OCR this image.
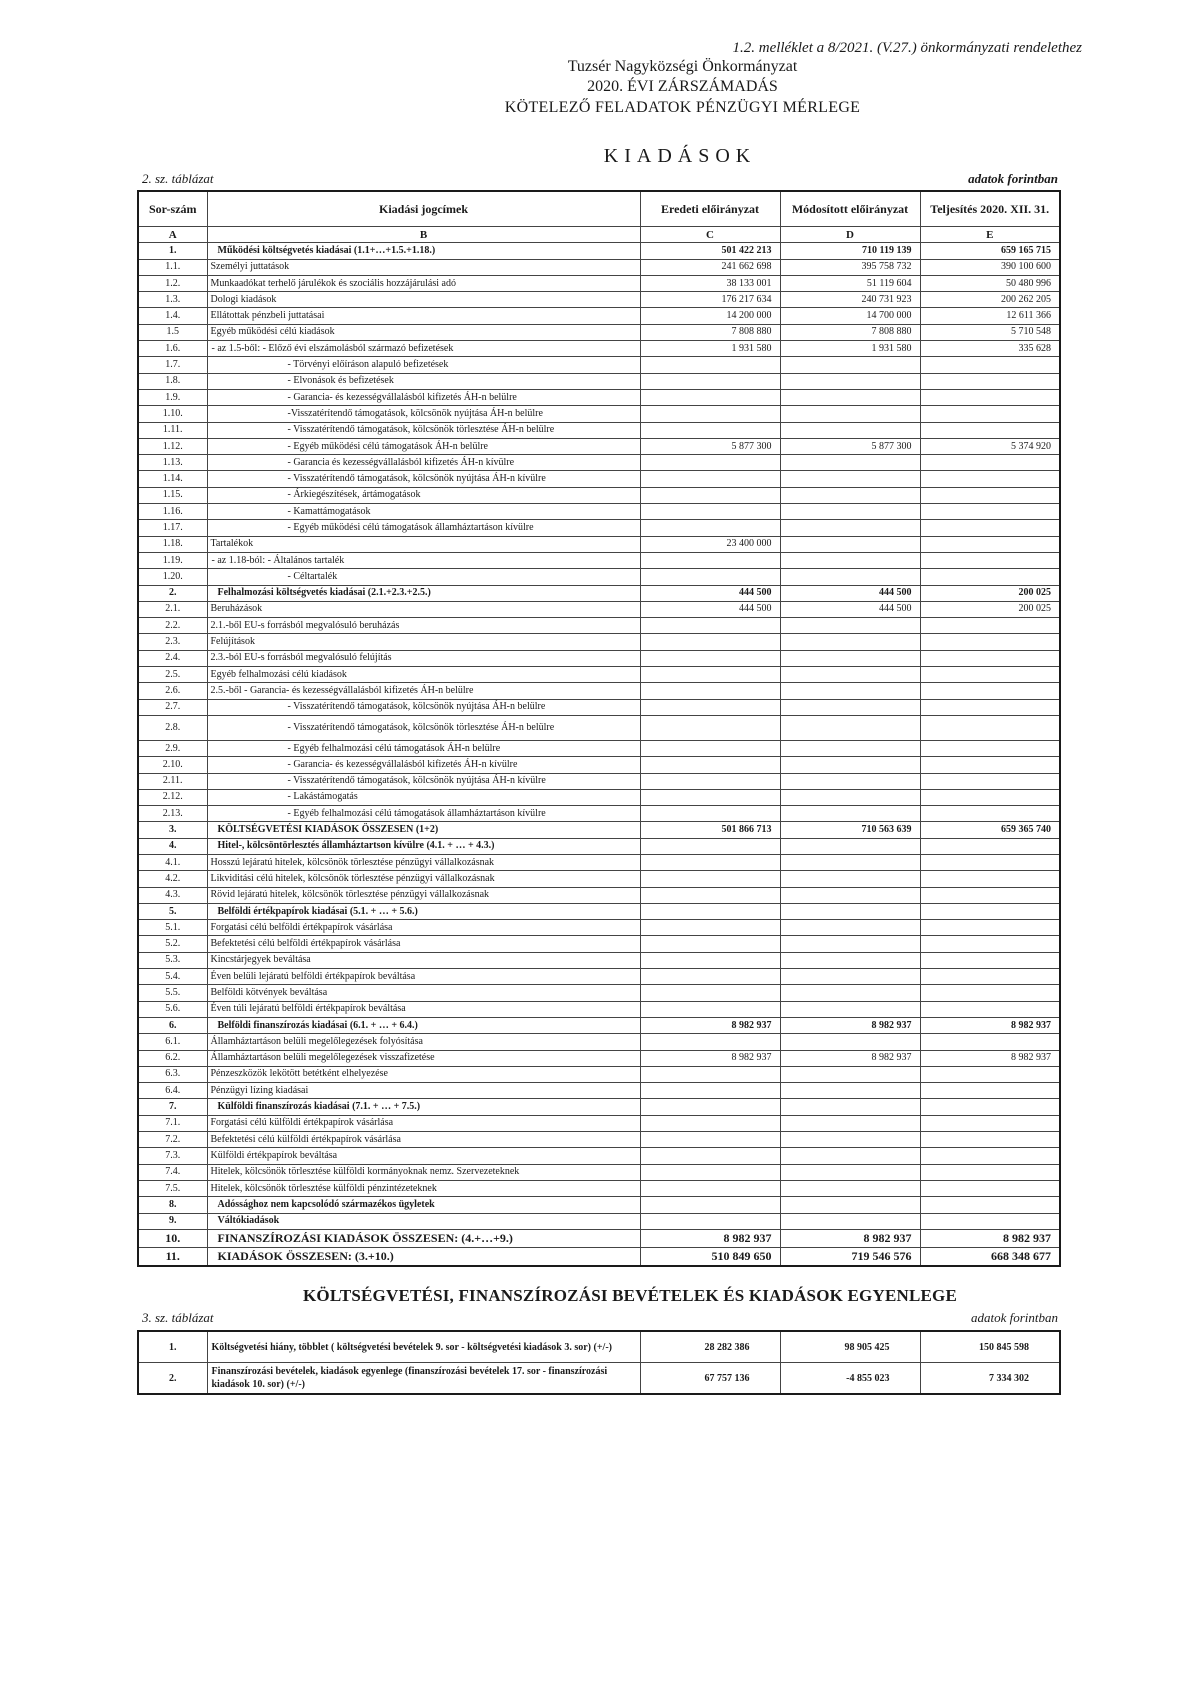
1.2. melléklet a 8/2021. (V.27.) önkormányzati rendelethez
Tuzsér Nagyközségi Önkormányzat
2020. ÉVI ZÁRSZÁMADÁS
KÖTELEZŐ FELADATOK PÉNZÜGYI MÉRLEGE
KIADÁSOK
2. sz. táblázat	adatok forintban
Sor-szám	Kiadási jogcímek	Eredeti előirányzat	Módosított előirányzat	Teljesítés 2020. XII. 31.
A	B	C	D	E
1.	Működési költségvetés kiadásai (1.1+…+1.5.+1.18.)	501 422 213	710 119 139	659 165 715
1.1.	Személyi juttatások	241 662 698	395 758 732	390 100 600
1.2.	Munkaadókat terhelő járulékok és szociális hozzájárulási adó	38 133 001	51 119 604	50 480 996
1.3.	Dologi kiadások	176 217 634	240 731 923	200 262 205
1.4.	Ellátottak pénzbeli juttatásai	14 200 000	14 700 000	12 611 366
1.5	Egyéb működési célú kiadások	7 808 880	7 808 880	5 710 548
1.6.	- az 1.5-ből: - Előző évi elszámolásból származó befizetések	1 931 580	1 931 580	335 628
1.7.	- Törvényi előíráson alapuló befizetések			
1.8.	- Elvonások és befizetések			
1.9.	- Garancia- és kezességvállalásból kifizetés ÁH-n belülre			
1.10.	-Visszatérítendő támogatások, kölcsönök nyújtása ÁH-n belülre			
1.11.	- Visszatérítendő támogatások, kölcsönök törlesztése ÁH-n belülre			
1.12.	- Egyéb működési célú támogatások ÁH-n belülre	5 877 300	5 877 300	5 374 920
1.13.	- Garancia és kezességvállalásból kifizetés ÁH-n kívülre			
1.14.	- Visszatérítendő támogatások, kölcsönök nyújtása ÁH-n kívülre			
1.15.	- Árkiegészítések, ártámogatások			
1.16.	- Kamattámogatások			
1.17.	- Egyéb működési célú támogatások államháztartáson kívülre			
1.18.	Tartalékok	23 400 000		
1.19.	- az 1.18-ból: - Általános tartalék			
1.20.	- Céltartalék			
2.	Felhalmozási költségvetés kiadásai (2.1.+2.3.+2.5.)	444 500	444 500	200 025
2.1.	Beruházások	444 500	444 500	200 025
2.2.	2.1.-ből EU-s forrásból megvalósuló beruházás			
2.3.	Felújítások			
2.4.	2.3.-ból EU-s forrásból megvalósuló felújítás			
2.5.	Egyéb felhalmozási célú kiadások			
2.6.	2.5.-ből - Garancia- és kezességvállalásból kifizetés ÁH-n belülre			
2.7.	- Visszatérítendő támogatások, kölcsönök nyújtása ÁH-n belülre			
2.8.	- Visszatérítendő támogatások, kölcsönök törlesztése ÁH-n belülre			
2.9.	- Egyéb felhalmozási célú támogatások ÁH-n belülre			
2.10.	- Garancia- és kezességvállalásból kifizetés ÁH-n kívülre			
2.11.	- Visszatérítendő támogatások, kölcsönök nyújtása ÁH-n kívülre			
2.12.	- Lakástámogatás			
2.13.	- Egyéb felhalmozási célú támogatások államháztartáson kívülre			
3.	KÖLTSÉGVETÉSI KIADÁSOK ÖSSZESEN (1+2)	501 866 713	710 563 639	659 365 740
4.	Hitel-, kölcsöntörlesztés államháztartson kívülre (4.1. + … + 4.3.)			
4.1.	Hosszú lejáratú hitelek, kölcsönök törlesztése pénzügyi vállalkozásnak			
4.2.	Likviditási célú hitelek, kölcsönök törlesztése pénzügyi vállalkozásnak			
4.3.	Rövid lejáratú hitelek, kölcsönök törlesztése pénzügyi vállalkozásnak			
5.	Belföldi értékpapírok kiadásai (5.1. + … + 5.6.)			
5.1.	Forgatási célú belföldi értékpapírok vásárlása			
5.2.	Befektetési célú belföldi értékpapírok vásárlása			
5.3.	Kincstárjegyek beváltása			
5.4.	Éven belüli lejáratú belföldi értékpapírok beváltása			
5.5.	Belföldi kötvények beváltása			
5.6.	Éven túli lejáratú belföldi értékpapírok beváltása			
6.	Belföldi finanszírozás kiadásai (6.1. + … + 6.4.)	8 982 937	8 982 937	8 982 937
6.1.	Államháztartáson belüli megelőlegezések folyósítása			
6.2.	Államháztartáson belüli megelőlegezések visszafizetése	8 982 937	8 982 937	8 982 937
6.3.	Pénzeszközök lekötött betétként elhelyezése			
6.4.	Pénzügyi lízing kiadásai			
7.	Külföldi finanszírozás kiadásai (7.1. + … + 7.5.)			
7.1.	Forgatási célú külföldi értékpapírok vásárlása			
7.2.	Befektetési célú külföldi értékpapírok vásárlása			
7.3.	Külföldi értékpapírok beváltása			
7.4.	Hitelek, kölcsönök törlesztése külföldi kormányoknak nemz. Szervezeteknek			
7.5.	Hitelek, kölcsönök törlesztése külföldi pénzintézeteknek			
8.	Adóssághoz nem kapcsolódó származékos ügyletek			
9.	Váltókiadások			
10.	FINANSZÍROZÁSI KIADÁSOK ÖSSZESEN: (4.+…+9.)	8 982 937	8 982 937	8 982 937
11.	KIADÁSOK ÖSSZESEN: (3.+10.)	510 849 650	719 546 576	668 348 677
KÖLTSÉGVETÉSI, FINANSZÍROZÁSI BEVÉTELEK ÉS KIADÁSOK EGYENLEGE
3. sz. táblázat	adatok forintban
1.	Költségvetési hiány, többlet ( költségvetési bevételek 9. sor - költségvetési kiadások 3. sor) (+/-)	28 282 386	98 905 425	150 845 598
2.	Finanszírozási bevételek, kiadások egyenlege (finanszírozási bevételek 17. sor - finanszírozási kiadások 10. sor) (+/-)	67 757 136	-4 855 023	7 334 302
